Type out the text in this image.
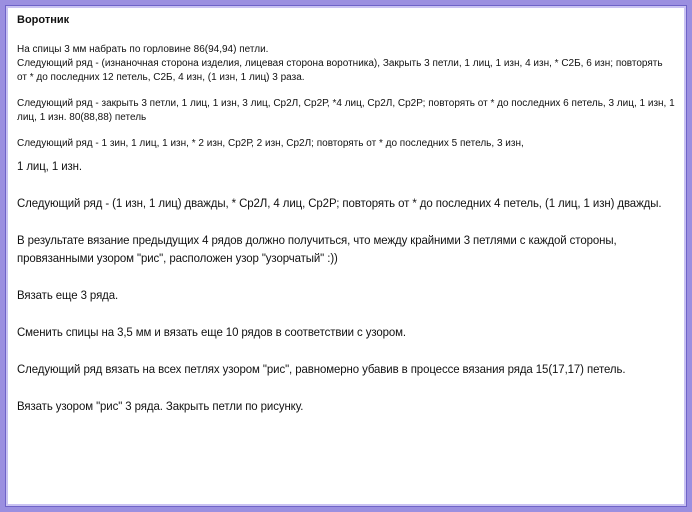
Воротник

На спицы 3 мм набрать по горловине 86(94,94) петли.
Следующий ряд - (изнаночная сторона изделия, лицевая сторона воротника), Закрыть 3 петли, 1 лиц, 1 изн, 4 изн, * С2Б, 6 изн; повторять от * до последних 12 петель, С2Б, 4 изн, (1 изн, 1 лиц) 3 раза.

Следующий ряд - закрыть 3 петли, 1 лиц, 1 изн, 3 лиц, Ср2Л, Ср2Р, *4 лиц, Ср2Л, Ср2Р; повторять от * до последних 6 петель, 3 лиц, 1 изн, 1 лиц, 1 изн. 80(88,88) петель

Следующий ряд - 1 зин, 1 лиц, 1 изн, * 2 изн, Ср2Р, 2 изн, Ср2Л; повторять от * до последних 5 петель, 3 изн,

1 лиц, 1 изн.

Следующий ряд - (1 изн, 1 лиц) дважды, * Ср2Л, 4 лиц, Ср2Р; повторять от * до последних 4 петель, (1 лиц, 1 изн) дважды.

В результате вязание предыдущих 4 рядов должно получиться, что между крайними 3 петлями с каждой стороны, провязанными узором "рис", расположен узор "узорчатый" :))

Вязать еще 3 ряда.

Сменить спицы на 3,5 мм и вязать еще 10 рядов в соответствии с узором.

Следующий ряд вязать на всех петлях узором "рис", равномерно убавив в процессе вязания ряда 15(17,17) петель.

Вязать узором "рис" 3 ряда. Закрыть петли по рисунку.
